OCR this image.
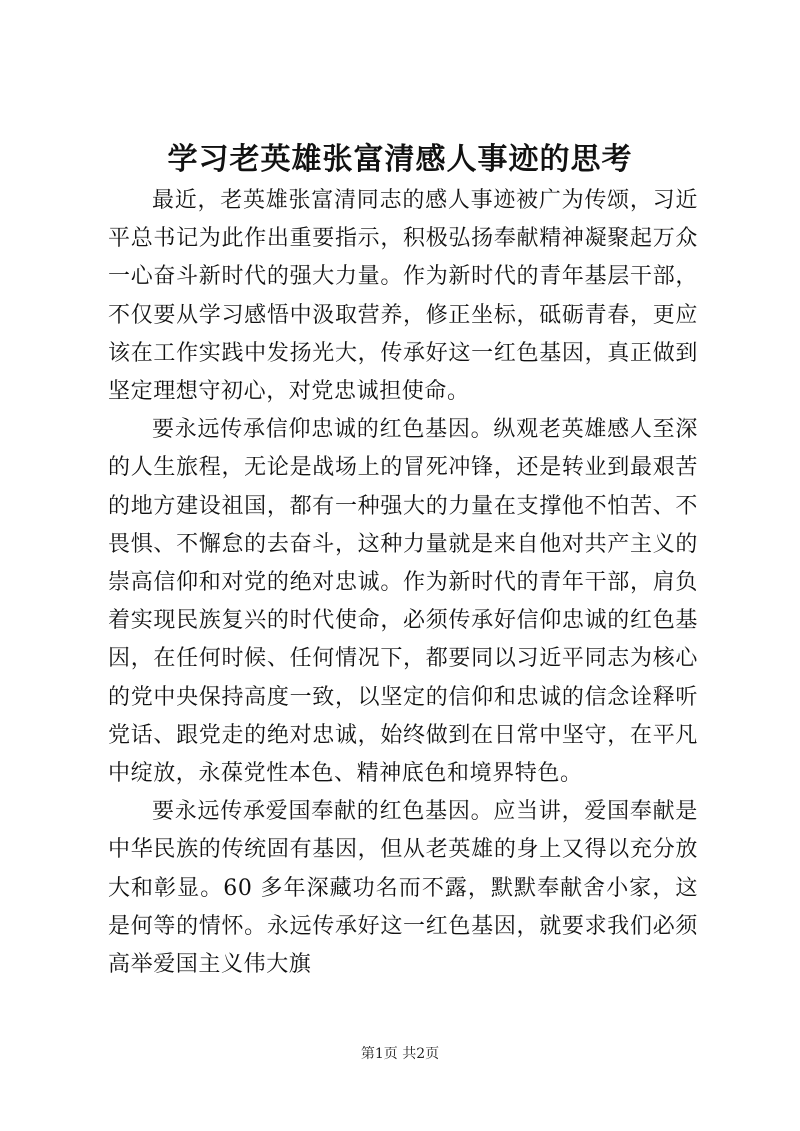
学习老英雄张富清感人事迹的思考

最近，老英雄张富清同志的感人事迹被广为传颂，习近平总书记为此作出重要指示，积极弘扬奉献精神凝聚起万众一心奋斗新时代的强大力量。作为新时代的青年基层干部，不仅要从学习感悟中汲取营养，修正坐标，砥砺青春，更应该在工作实践中发扬光大，传承好这一红色基因，真正做到坚定理想守初心，对党忠诚担使命。

要永远传承信仰忠诚的红色基因。纵观老英雄感人至深的人生旅程，无论是战场上的冒死冲锋，还是转业到最艰苦的地方建设祖国，都有一种强大的力量在支撑他不怕苦、不畏惧、不懈怠的去奋斗，这种力量就是来自他对共产主义的崇高信仰和对党的绝对忠诚。作为新时代的青年干部，肩负着实现民族复兴的时代使命，必须传承好信仰忠诚的红色基因，在任何时候、任何情况下，都要同以习近平同志为核心的党中央保持高度一致，以坚定的信仰和忠诚的信念诠释听党话、跟党走的绝对忠诚，始终做到在日常中坚守，在平凡中绽放，永葆党性本色、精神底色和境界特色。

要永远传承爱国奉献的红色基因。应当讲，爱国奉献是中华民族的传统固有基因，但从老英雄的身上又得以充分放大和彰显。60 多年深藏功名而不露，默默奉献舍小家，这是何等的情怀。永远传承好这一红色基因，就要求我们必须高举爱国主义伟大旗

第1页 共2页
